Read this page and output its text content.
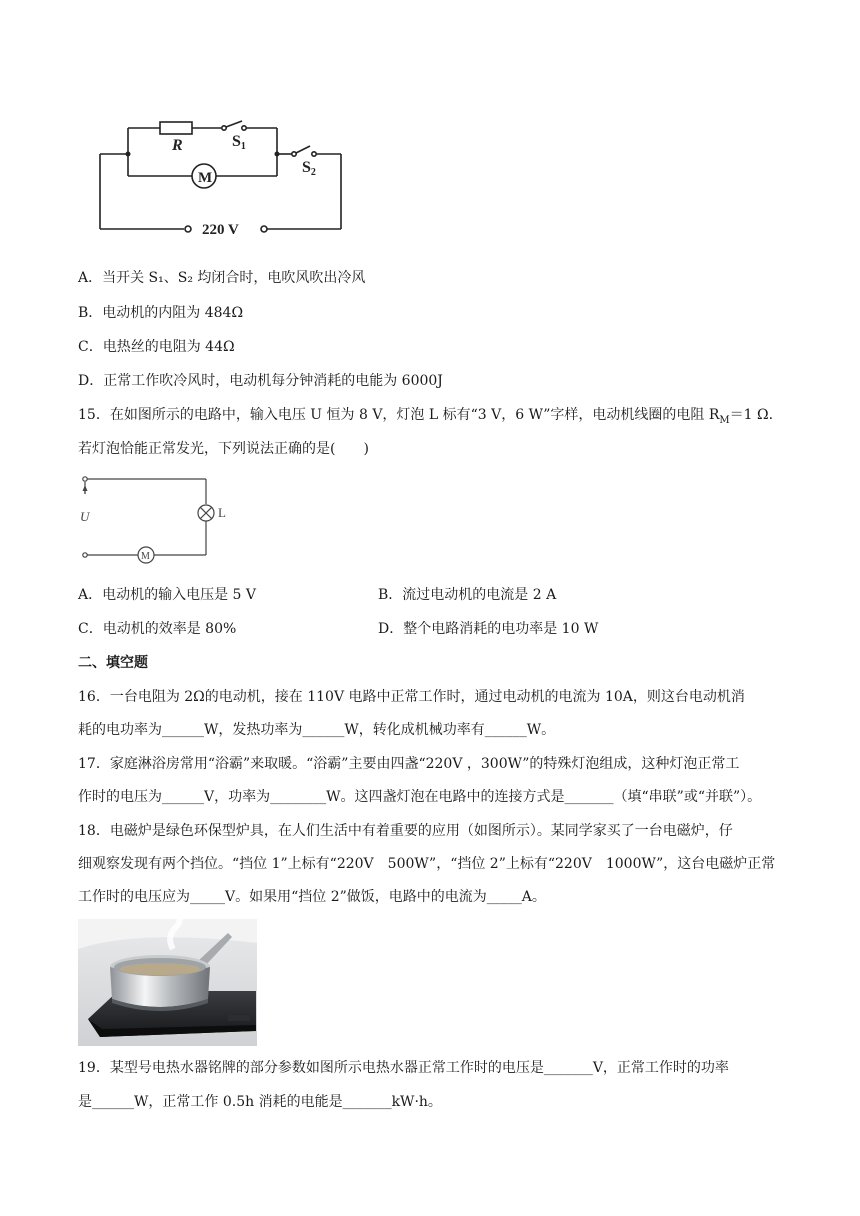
R	S1
S2
M
220 V
A．当开关 S₁、S₂ 均闭合时，电吹风吹出冷风
B．电动机的内阻为 484Ω
C．电热丝的电阻为 44Ω
D．正常工作吹冷风时，电动机每分钟消耗的电能为 6000J
15．在如图所示的电路中，输入电压 U 恒为 8 V，灯泡 L 标有“3 V，6 W”字样，电动机线圈的电阻 $R_M=1$ Ω.
若灯泡恰能正常发光，下列说法正确的是(　　)
U	L
M
A．电动机的输入电压是 5 V	B．流过电动机的电流是 2 A
C．电动机的效率是 80%	D．整个电路消耗的电功率是 10 W
二、填空题
16．一台电阻为 2Ω的电动机，接在 110V 电路中正常工作时，通过电动机的电流为 10A，则这台电动机消
耗的电功率为______W，发热功率为______W，转化成机械功率有______W。
17．家庭淋浴房常用“浴霸”来取暖。“浴霸”主要由四盏“220V ，300W”的特殊灯泡组成，这种灯泡正常工
作时的电压为______V，功率为________W。这四盏灯泡在电路中的连接方式是_______（填“串联”或“并联”）。
18．电磁炉是绿色环保型炉具，在人们生活中有着重要的应用（如图所示）。某同学家买了一台电磁炉，仔
细观察发现有两个挡位。“挡位 1”上标有“220V　500W”，“挡位 2”上标有“220V　1000W”，这台电磁炉正常
工作时的电压应为_____V。如果用“挡位 2”做饭，电路中的电流为_____A。
19．某型号电热水器铭牌的部分参数如图所示电热水器正常工作时的电压是_______V，正常工作时的功率
是______W，正常工作 0.5h 消耗的电能是_______kW·h。
